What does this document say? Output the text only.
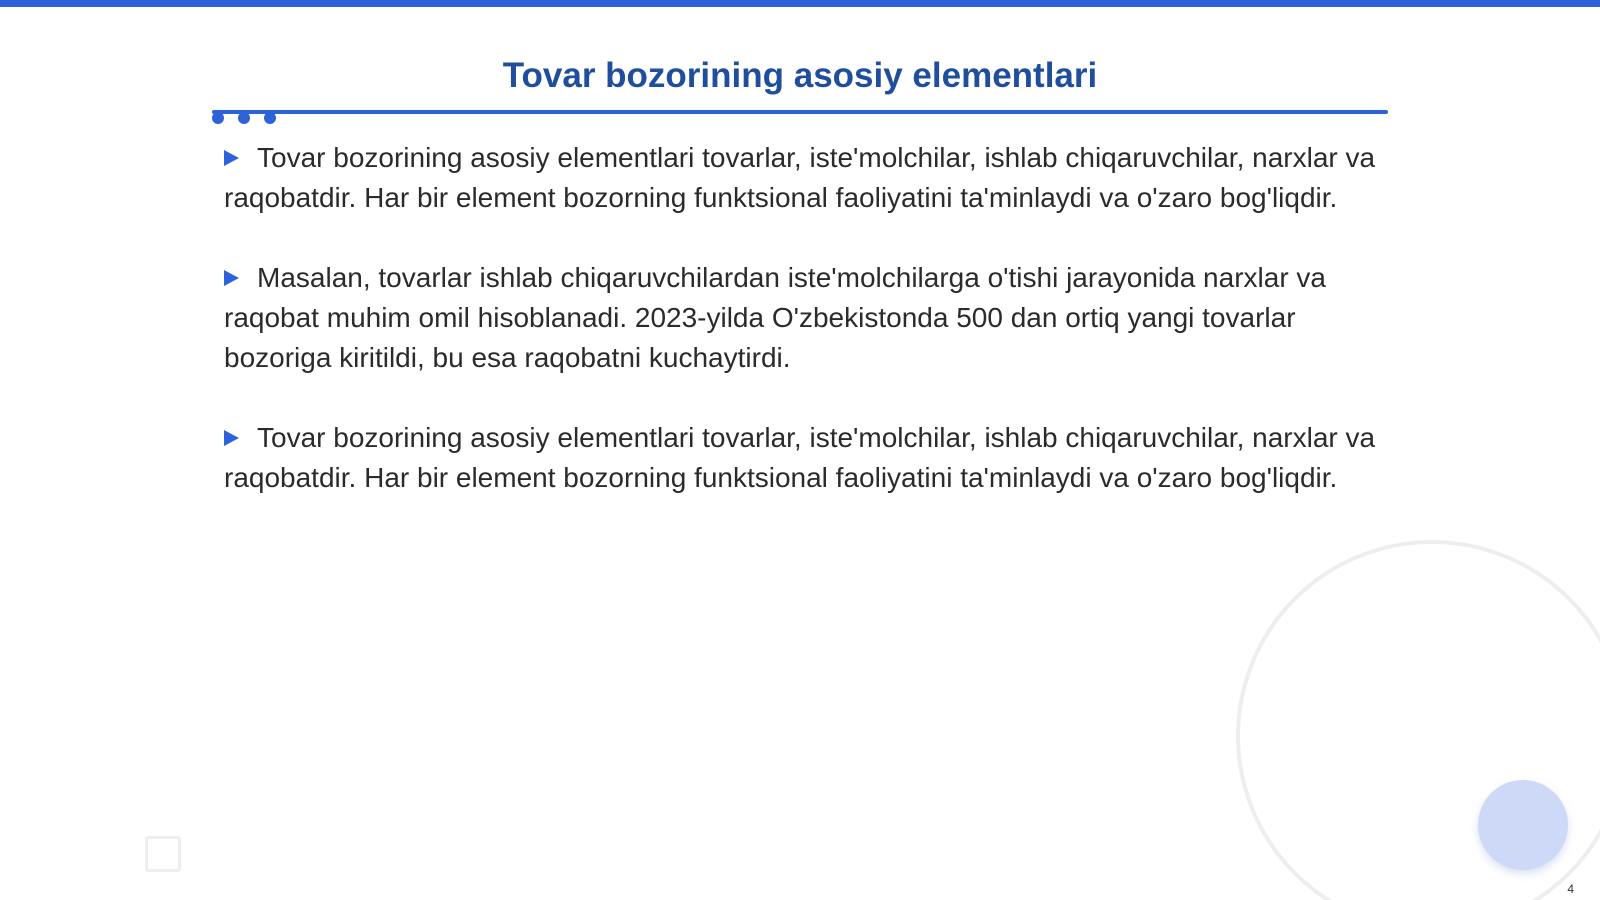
Tovar bozorining asosiy elementlari

Tovar bozorining asosiy elementlari tovarlar, iste'molchilar, ishlab chiqaruvchilar, narxlar va raqobatdir. Har bir element bozorning funktsional faoliyatini ta'minlaydi va o'zaro bog'liqdir.

Masalan, tovarlar ishlab chiqaruvchilardan iste'molchilarga o'tishi jarayonida narxlar va raqobat muhim omil hisoblanadi. 2023-yilda O'zbekistonda 500 dan ortiq yangi tovarlar bozoriga kiritildi, bu esa raqobatni kuchaytirdi.

Tovar bozorining asosiy elementlari tovarlar, iste'molchilar, ishlab chiqaruvchilar, narxlar va raqobatdir. Har bir element bozorning funktsional faoliyatini ta'minlaydi va o'zaro bog'liqdir.

4
